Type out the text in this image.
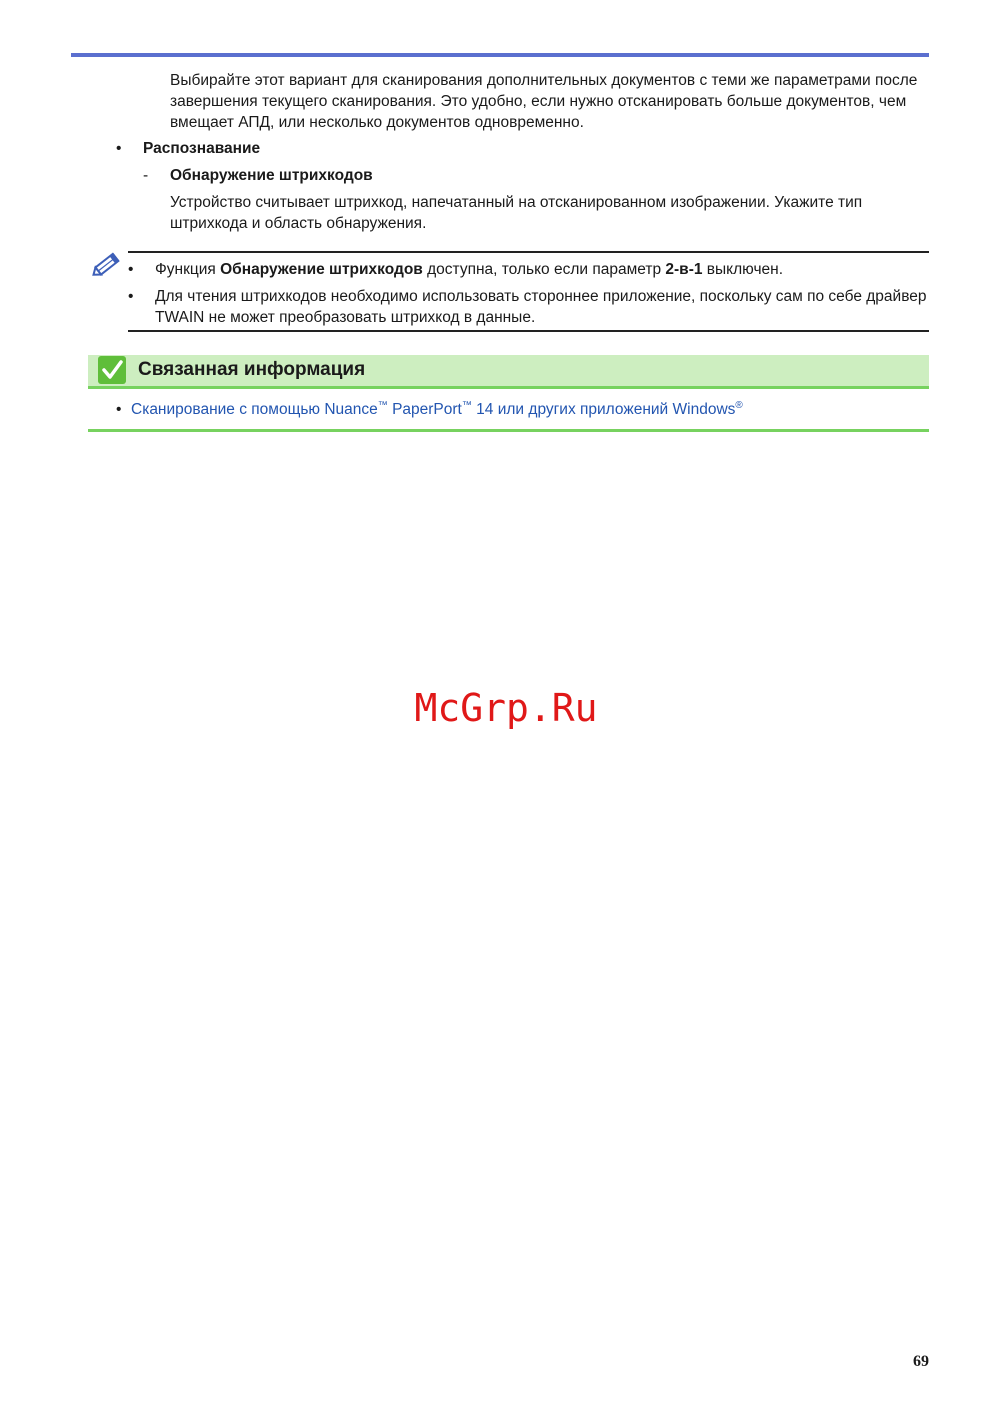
Выбирайте этот вариант для сканирования дополнительных документов с теми же параметрами после завершения текущего сканирования. Это удобно, если нужно отсканировать больше документов, чем вмещает АПД, или несколько документов одновременно.

•	Распознавание
-	Обнаружение штрихкодов

Устройство считывает штрихкод, напечатанный на отсканированном изображении. Укажите тип штрихкода и область обнаружения.

•	Функция Обнаружение штрихкодов доступна, только если параметр 2-в-1 выключен.
•	Для чтения штрихкодов необходимо использовать стороннее приложение, поскольку сам по себе драйвер TWAIN не может преобразовать штрихкод в данные.
Связанная информация
• Сканирование с помощью Nuance™ PaperPort™ 14 или других приложений Windows®
McGrp.Ru
69
